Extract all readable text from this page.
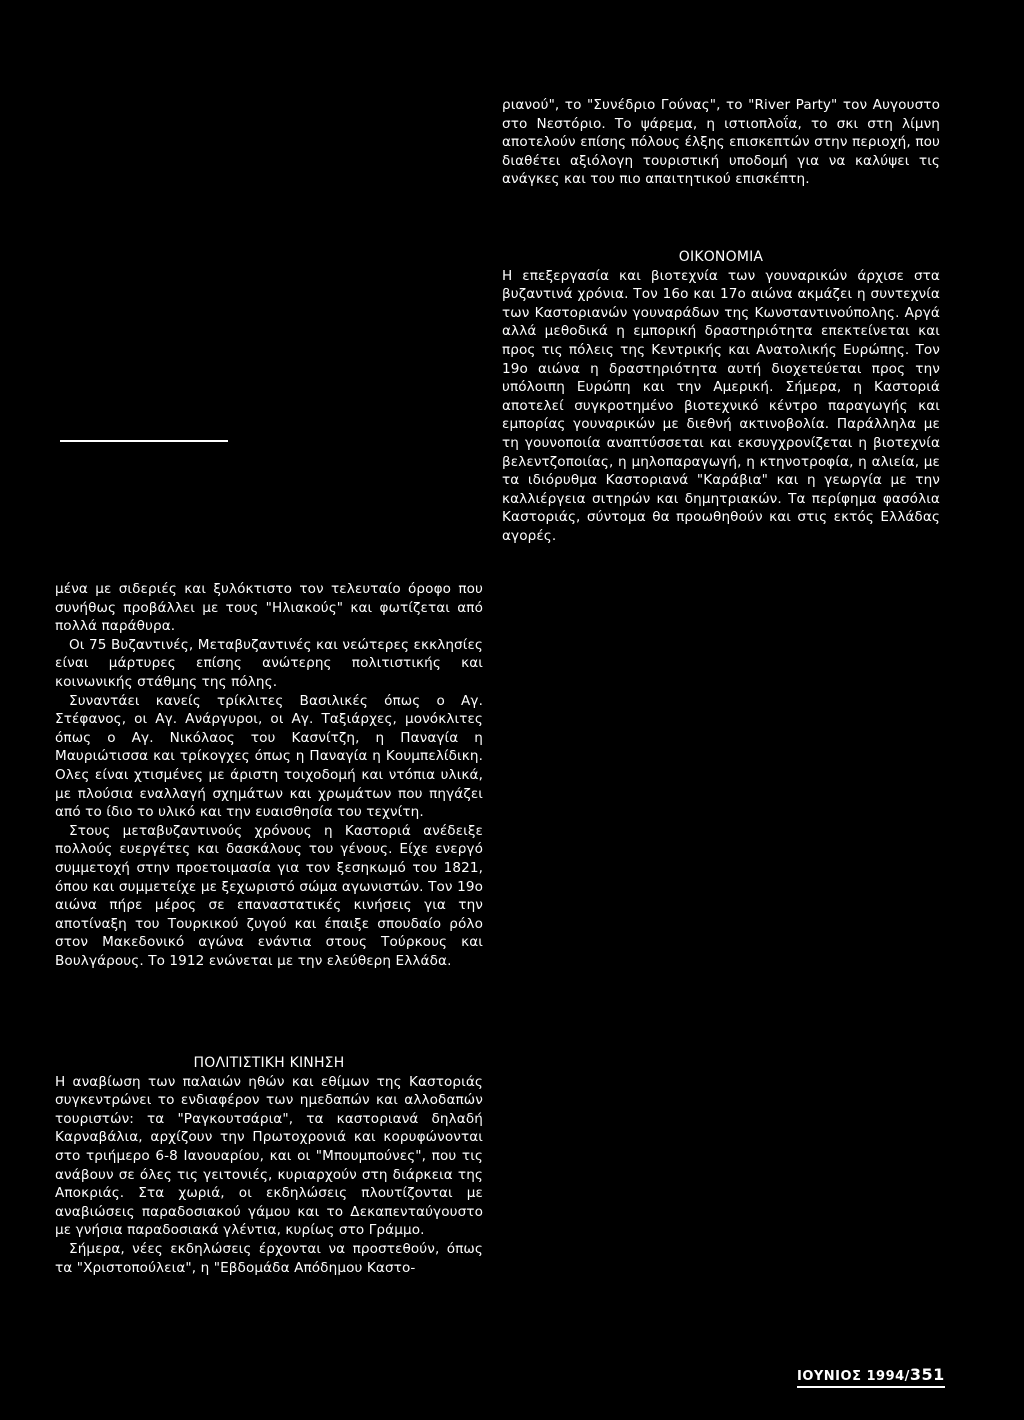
ριανού", το "Συνέδριο Γούνας", το "River Party" τον Αυγουστο στο Νεστόριο. Το ψάρεμα, η ιστιοπλοΐα, το σκι στη λίμνη αποτελούν επίσης πόλους έλξης επισκεπτών στην περιοχή, που διαθέτει αξιόλογη τουριστική υποδομή για να καλύψει τις ανάγκες και του πιο απαιτητικού επισκέπτη.

ΟΙΚΟΝΟΜΙΑ

Η επεξεργασία και βιοτεχνία των γουναρικών άρχισε στα βυζαντινά χρόνια. Τον 16ο και 17ο αιώνα ακμάζει η συντεχνία των Καστοριανών γουναράδων της Κωνσταντινούπολης. Αργά αλλά μεθοδικά η εμπορική δραστηριότητα επεκτείνεται και προς τις πόλεις της Κεντρικής και Ανατολικής Ευρώπης. Τον 19ο αιώνα η δραστηριότητα αυτή διοχετεύεται προς την υπόλοιπη Ευρώπη και την Αμερική. Σήμερα, η Καστοριά αποτελεί συγκροτημένο βιοτεχνικό κέντρο παραγωγής και εμπορίας γουναρικών με διεθνή ακτινοβολία. Παράλληλα με τη γουνοποιία αναπτύσσεται και εκσυγχρονίζεται η βιοτεχνία βελεντζοποιίας, η μηλοπαραγωγή, η κτηνοτροφία, η αλιεία, με τα ιδιόρυθμα Καστοριανά "Καράβια" και η γεωργία με την καλλιέργεια σιτηρών και δημητριακών. Τα περίφημα φασόλια Καστοριάς, σύντομα θα προωθηθούν και στις εκτός Ελλάδας αγορές.

μένα με σιδεριές και ξυλόκτιστο τον τελευταίο όροφο που συνήθως προβάλλει με τους "Ηλιακούς" και φωτίζεται από πολλά παράθυρα.

Οι 75 Βυζαντινές, Μεταβυζαντινές και νεώτερες εκκλησίες είναι μάρτυρες επίσης ανώτερης πολιτιστικής και κοινωνικής στάθμης της πόλης.

Συναντάει κανείς τρίκλιτες Βασιλικές όπως ο Αγ. Στέφανος, οι Αγ. Ανάργυροι, οι Αγ. Ταξιάρχες, μονόκλιτες όπως ο Αγ. Νικόλαος του Κασνίτζη, η Παναγία η Μαυριώτισσα και τρίκογχες όπως η Παναγία η Κουμπελίδικη. Ολες είναι χτισμένες με άριστη τοιχοδομή και ντόπια υλικά, με πλούσια εναλλαγή σχημάτων και χρωμάτων που πηγάζει από το ίδιο το υλικό και την ευαισθησία του τεχνίτη.

Στους μεταβυζαντινούς χρόνους η Καστοριά ανέδειξε πολλούς ευεργέτες και δασκάλους του γένους. Είχε ενεργό συμμετοχή στην προετοιμασία για τον ξεσηκωμό του 1821, όπου και συμμετείχε με ξεχωριστό σώμα αγωνιστών. Τον 19ο αιώνα πήρε μέρος σε επαναστατικές κινήσεις για την αποτίναξη του Τουρκικού ζυγού και έπαιξε σπουδαίο ρόλο στον Μακεδονικό αγώνα ενάντια στους Τούρκους και Βουλγάρους. Το 1912 ενώνεται με την ελεύθερη Ελλάδα.

ΠΟΛΙΤΙΣΤΙΚΗ ΚΙΝΗΣΗ

Η αναβίωση των παλαιών ηθών και εθίμων της Καστοριάς συγκεντρώνει το ενδιαφέρον των ημεδαπών και αλλοδαπών τουριστών: τα "Ραγκουτσάρια", τα καστοριανά δηλαδή Καρναβάλια, αρχίζουν την Πρωτοχρονιά και κορυφώνονται στο τριήμερο 6-8 Ιανουαρίου, και οι "Μπουμπούνες", που τις ανάβουν σε όλες τις γειτονιές, κυριαρχούν στη διάρκεια της Αποκριάς. Στα χωριά, οι εκδηλώσεις πλουτίζονται με αναβιώσεις παραδοσιακού γάμου και το Δεκαπενταύγουστο με γνήσια παραδοσιακά γλέντια, κυρίως στο Γράμμο.

Σήμερα, νέες εκδηλώσεις έρχονται να προστεθούν, όπως τα "Χριστοπούλεια", η "Εβδομάδα Απόδημου Καστο-

ΙΟΥΝΙΟΣ 1994/351
